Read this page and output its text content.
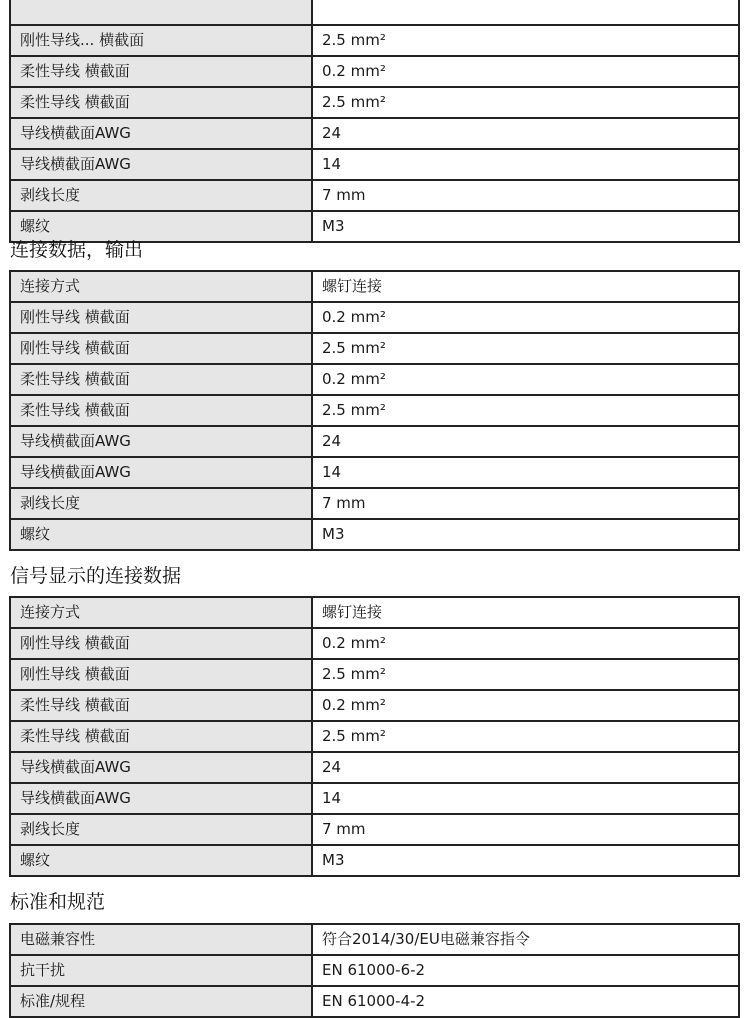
刚性导线... 横截面	2.5 mm²
柔性导线 横截面	0.2 mm²
柔性导线 横截面	2.5 mm²
导线横截面AWG	24
导线横截面AWG	14
剥线长度	7 mm
螺纹	M3
连接数据，输出
连接方式	螺钉连接
刚性导线 横截面	0.2 mm²
刚性导线 横截面	2.5 mm²
柔性导线 横截面	0.2 mm²
柔性导线 横截面	2.5 mm²
导线横截面AWG	24
导线横截面AWG	14
剥线长度	7 mm
螺纹	M3
信号显示的连接数据
连接方式	螺钉连接
刚性导线 横截面	0.2 mm²
刚性导线 横截面	2.5 mm²
柔性导线 横截面	0.2 mm²
柔性导线 横截面	2.5 mm²
导线横截面AWG	24
导线横截面AWG	14
剥线长度	7 mm
螺纹	M3
标准和规范
电磁兼容性	符合2014/30/EU电磁兼容指令
抗干扰	EN 61000-6-2
标准/规程	EN 61000-4-2
